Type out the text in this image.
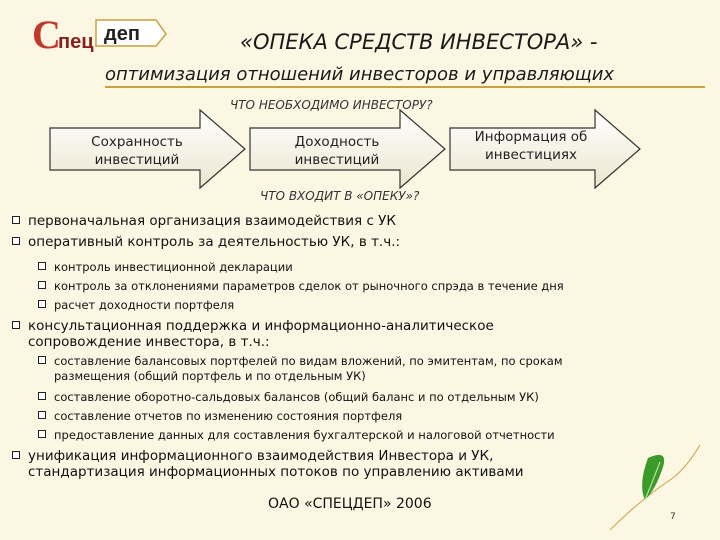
С
пец деп	«ОПЕКА СРЕДСТВ ИНВЕСТОРА» -
оптимизация отношений инвесторов и управляющих
ЧТО НЕОБХОДИМО ИНВЕСТОРУ?
Сохранность
инвестиций
Доходность
инвестиций
Информация об
инвестициях
ЧТО ВХОДИТ В «ОПЕКУ»?
первоначальная организация взаимодействия с УК
оперативный контроль за деятельностью УК, в т.ч.:
контроль инвестиционной декларации
контроль за отклонениями параметров сделок от рыночного спрэда в течение дня
расчет доходности портфеля
консультационная поддержка и информационно-аналитическое
сопровождение инвестора, в т.ч.:
составление балансовых портфелей по видам вложений, по эмитентам, по срокам
размещения (общий портфель и по отдельным УК)
составление оборотно-сальдовых балансов (общий баланс и по отдельным УК)
составление отчетов по изменению состояния портфеля
предоставление данных для составления бухгалтерской и налоговой отчетности
унификация информационного взаимодействия Инвестора и УК,
стандартизация информационных потоков по управлению активами
ОАО «СПЕЦДЕП» 2006
7
